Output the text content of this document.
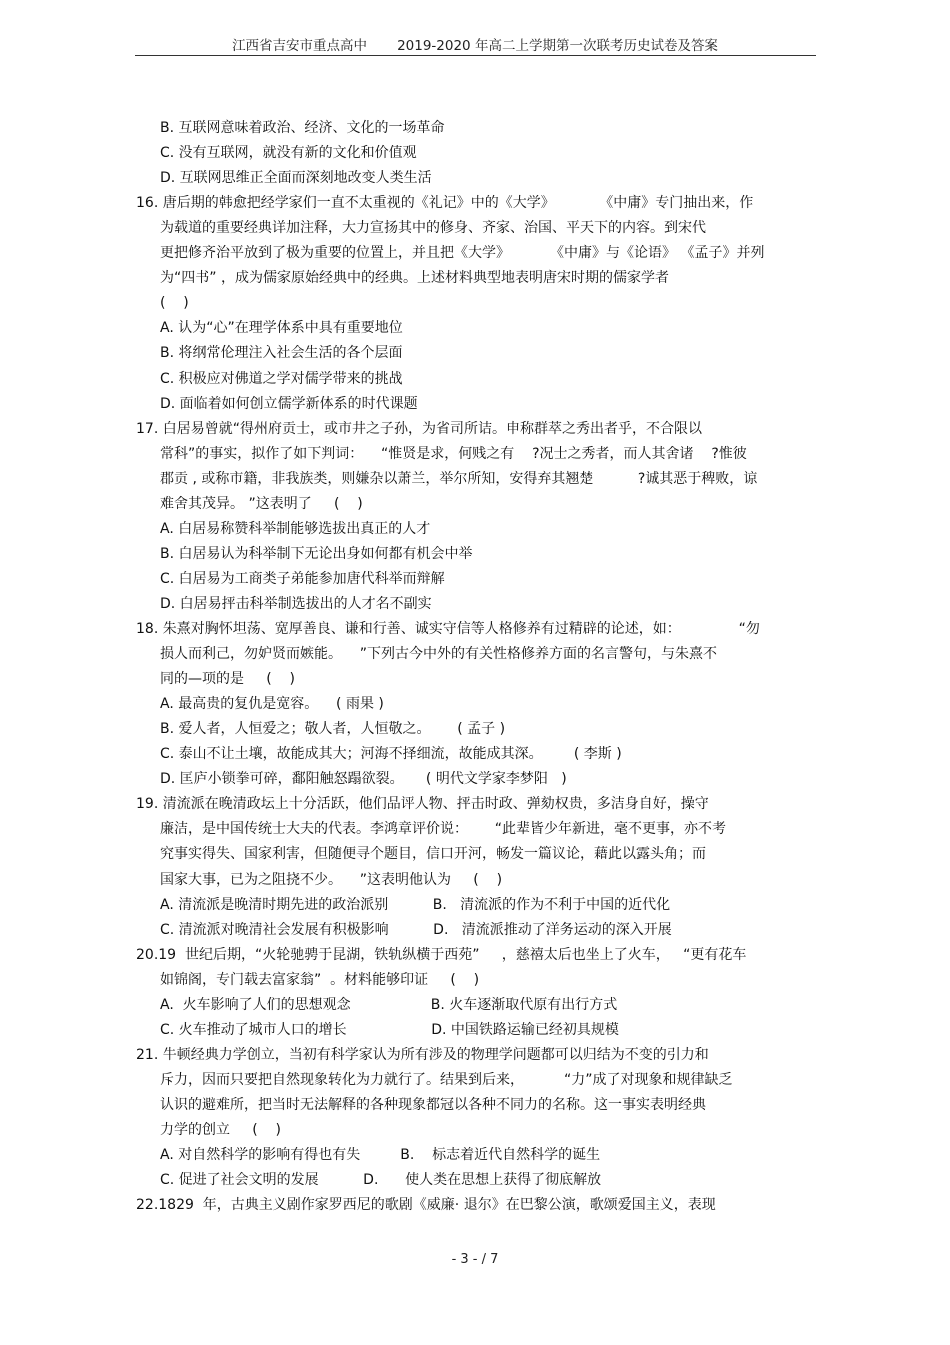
江西省吉安市重点高中 2019-2020 年高二上学期第一次联考历史试卷及答案
B. 互联网意味着政治、经济、文化的一场革命
C. 没有互联网，就没有新的文化和价值观
D. 互联网思维正全面而深刻地改变人类生活
16. 唐后期的韩愈把经学家们一直不太重视的《礼记》中的《大学》          《中庸》专门抽出来，作
为载道的重要经典详加注释，大力宣扬其中的修身、齐家、治国、平天下的内容。到宋代
更把修齐治平放到了极为重要的位置上，并且把《大学》         《中庸》与《论语》 《孟子》并列
为“四书” ，成为儒家原始经典中的经典。上述材料典型地表明唐宋时期的儒家学者
(    )
A. 认为“心”在理学体系中具有重要地位
B. 将纲常伦理注入社会生活的各个层面
C. 积极应对佛道之学对儒学带来的挑战
D. 面临着如何创立儒学新体系的时代课题
17. 白居易曾就“得州府贡士，或市井之子孙，为省司所诘。申称群萃之秀出者乎，不合限以
常科”的事实，拟作了如下判词：    “惟贤是求，何贱之有    ?况士之秀者，而人其舍诸    ?惟彼
郡贡 , 或称市籍，非我族类，则嫌杂以萧兰，举尔所知，安得弃其翘楚          ?诚其恶于稗败，谅
难舍其茂异。 ”这表明了     (    )
A. 白居易称赞科举制能够选拔出真正的人才
B. 白居易认为科举制下无论出身如何都有机会中举
C. 白居易为工商类子弟能参加唐代科举而辩解
D. 白居易抨击科举制选拔出的人才名不副实
18. 朱熹对胸怀坦荡、宽厚善良、谦和行善、诚实守信等人格修养有过精辟的论述，如：             “勿
损人而利己，勿妒贤而嫉能。    ”下列古今中外的有关性格修养方面的名言警句，与朱熹不
同的—项的是     (    )
A. 最高贵的复仇是宽容。    ( 雨果 )
B. 爱人者，人恒爱之；敬人者，人恒敬之。      ( 孟子 )
C. 泰山不让土壤，故能成其大；河海不择细流，故能成其深。       ( 李斯 )
D. 匡庐小锁拳可碎，鄱阳触怒蹋欲裂。     ( 明代文学家李梦阳   )
19. 清流派在晚清政坛上十分活跃，他们品评人物、抨击时政、弹劾权贵，多洁身自好，操守
廉洁，是中国传统士大夫的代表。李鸿章评价说：      “此辈皆少年新进，毫不更事，亦不考
究事实得失、国家利害，但随便寻个题目，信口开河，畅发一篇议论，藉此以露头角；而
国家大事，已为之阻挠不少。    ”这表明他认为     (    )
A. 清流派是晚清时期先进的政治派别          B.   清流派的作为不利于中国的近代化
C. 清流派对晚清社会发展有积极影响          D.   清流派推动了洋务运动的深入开展
20.19  世纪后期，“火轮驰骋于昆湖，铁轨纵横于西苑”     ，慈禧太后也坐上了火车，   “更有花车
如锦阁，专门载去富家翁”  。材料能够印证     (    )
A.  火车影响了人们的思想观念                  B. 火车逐渐取代原有出行方式
C. 火车推动了城市人口的增长                   D. 中国铁路运输已经初具规模
21. 牛顿经典力学创立，当初有科学家认为所有涉及的物理学问题都可以归结为不变的引力和
斥力，因而只要把自然现象转化为力就行了。结果到后来，         “力”成了对现象和规律缺乏
认识的避难所，把当时无法解释的各种现象都冠以各种不同力的名称。这一事实表明经典
力学的创立     (    )
A. 对自然科学的影响有得也有失         B.    标志着近代自然科学的诞生
C. 促进了社会文明的发展          D.      使人类在思想上获得了彻底解放
22.1829  年，古典主义剧作家罗西尼的歌剧《威廉· 退尔》在巴黎公演，歌颂爱国主义，表现
- 3 - / 7
